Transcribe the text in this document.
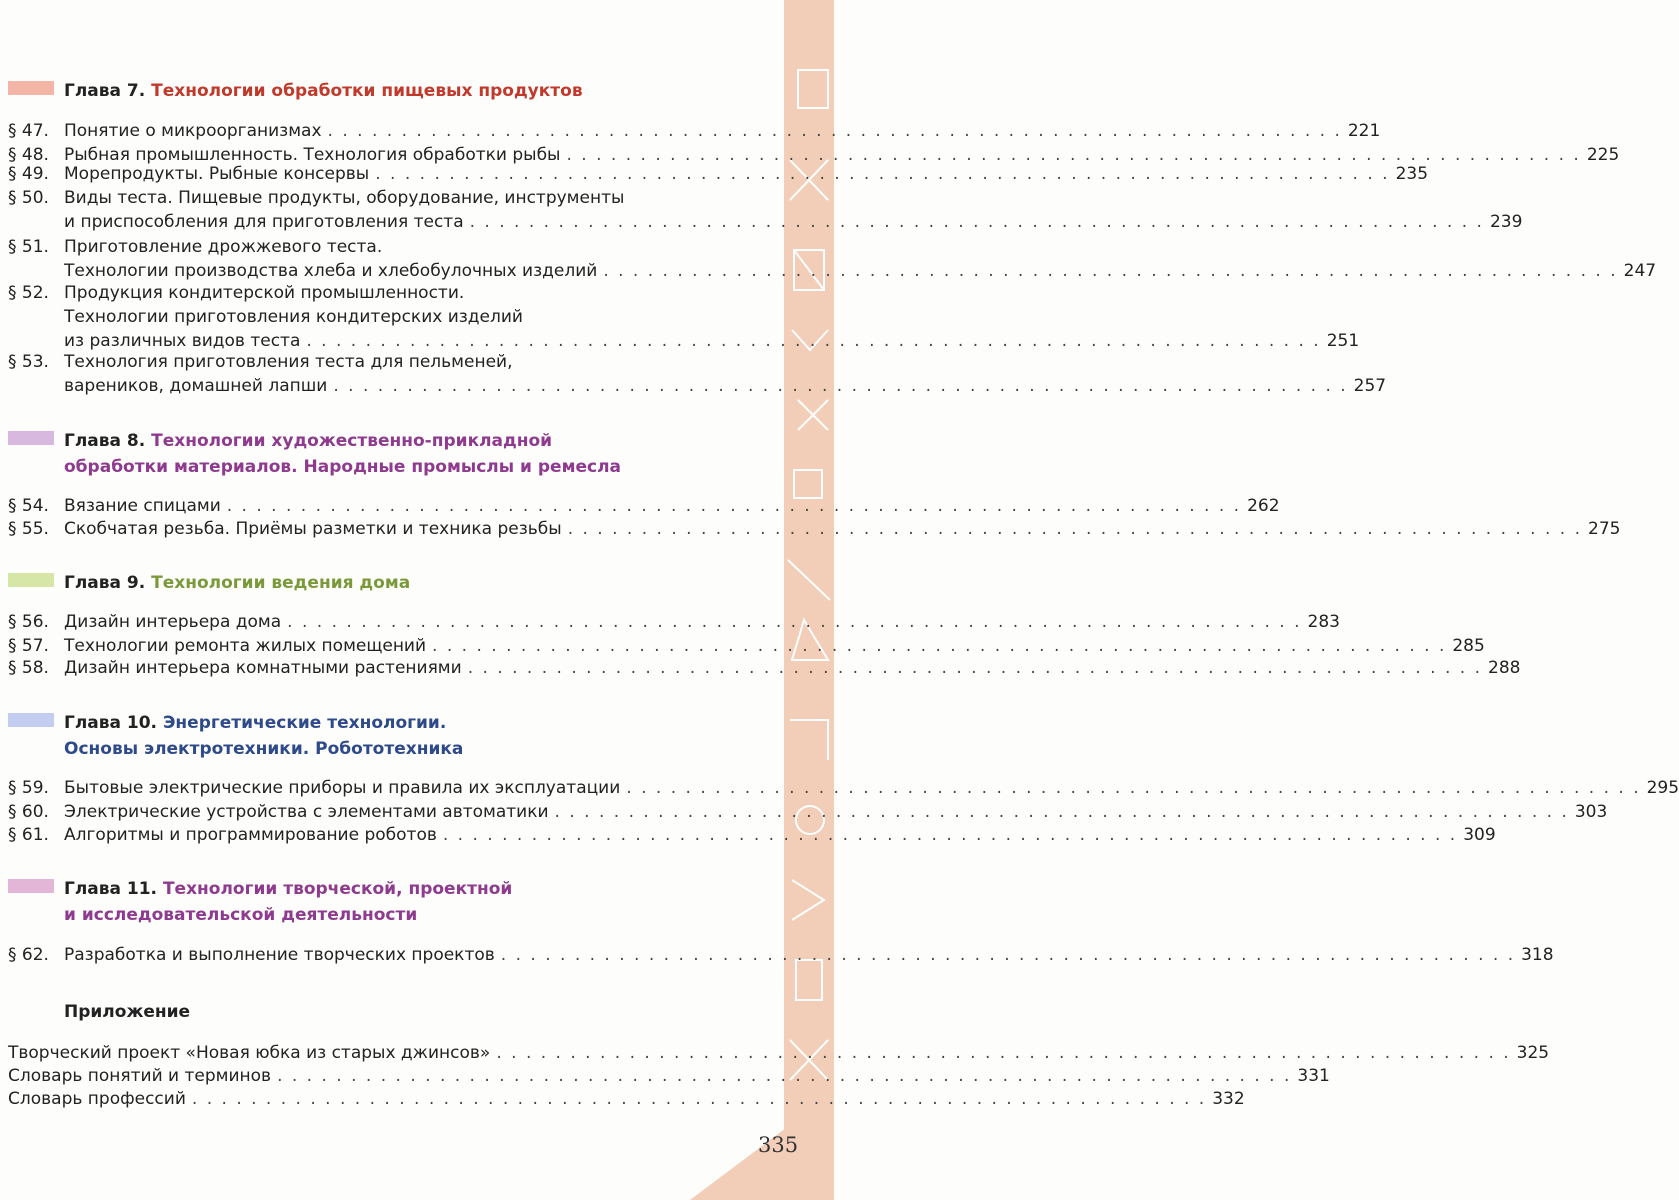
Глава 7. Технологии обработки пищевых продуктов
§ 47. Понятие о микроорганизмах . . . . . . . . . . . . . . . . . . . . . . . . . . . . . . . . . . . . . . . . . . . . . . . . . . . . . . . . . . . . . . . . . . . . . 221
§ 48. Рыбная промышленность. Технология обработки рыбы . . . . . . . . . . . . . . . . . . . . . . . . . . . . . . . . . . . . . . . . . . . . . . . . . . . . . . . . . . . . . . . . . . . . . 225
§ 49. Морепродукты. Рыбные консервы . . . . . . . . . . . . . . . . . . . . . . . . . . . . . . . . . . . . . . . . . . . . . . . . . . . . . . . . . . . . . . . . . . . . . 235
§ 50. Виды теста. Пищевые продукты, оборудование, инструменты
и приспособления для приготовления теста . . . . . . . . . . . . . . . . . . . . . . . . . . . . . . . . . . . . . . . . . . . . . . . . . . . . . . . . . . . . . . . . . . . . . 239
§ 51. Приготовление дрожжевого теста.
Технологии производства хлеба и хлебобулочных изделий . . . . . . . . . . . . . . . . . . . . . . . . . . . . . . . . . . . . . . . . . . . . . . . . . . . . . . . . . . . . . . . . . . . . . 247
§ 52. Продукция кондитерской промышленности.
Технологии приготовления кондитерских изделий
из различных видов теста . . . . . . . . . . . . . . . . . . . . . . . . . . . . . . . . . . . . . . . . . . . . . . . . . . . . . . . . . . . . . . . . . . . . . 251
§ 53. Технология приготовления теста для пельменей,
вареников, домашней лапши . . . . . . . . . . . . . . . . . . . . . . . . . . . . . . . . . . . . . . . . . . . . . . . . . . . . . . . . . . . . . . . . . . . . . 257
Глава 8. Технологии художественно-прикладной
обработки материалов. Народные промыслы и ремесла
§ 54. Вязание спицами . . . . . . . . . . . . . . . . . . . . . . . . . . . . . . . . . . . . . . . . . . . . . . . . . . . . . . . . . . . . . . . . . . . . . 262
§ 55. Скобчатая резьба. Приёмы разметки и техника резьбы . . . . . . . . . . . . . . . . . . . . . . . . . . . . . . . . . . . . . . . . . . . . . . . . . . . . . . . . . . . . . . . . . . . . . 275
Глава 9. Технологии ведения дома
§ 56. Дизайн интерьера дома . . . . . . . . . . . . . . . . . . . . . . . . . . . . . . . . . . . . . . . . . . . . . . . . . . . . . . . . . . . . . . . . . . . . . 283
§ 57. Технологии ремонта жилых помещений . . . . . . . . . . . . . . . . . . . . . . . . . . . . . . . . . . . . . . . . . . . . . . . . . . . . . . . . . . . . . . . . . . . . . 285
§ 58. Дизайн интерьера комнатными растениями . . . . . . . . . . . . . . . . . . . . . . . . . . . . . . . . . . . . . . . . . . . . . . . . . . . . . . . . . . . . . . . . . . . . . 288
Глава 10. Энергетические технологии.
Основы электротехники. Робототехника
§ 59. Бытовые электрические приборы и правила их эксплуатации . . . . . . . . . . . . . . . . . . . . . . . . . . . . . . . . . . . . . . . . . . . . . . . . . . . . . . . . . . . . . . . . . . . . . 295
§ 60. Электрические устройства с элементами автоматики . . . . . . . . . . . . . . . . . . . . . . . . . . . . . . . . . . . . . . . . . . . . . . . . . . . . . . . . . . . . . . . . . . . . . 303
§ 61. Алгоритмы и программирование роботов . . . . . . . . . . . . . . . . . . . . . . . . . . . . . . . . . . . . . . . . . . . . . . . . . . . . . . . . . . . . . . . . . . . . . 309
Глава 11. Технологии творческой, проектной
и исследовательской деятельности
§ 62. Разработка и выполнение творческих проектов . . . . . . . . . . . . . . . . . . . . . . . . . . . . . . . . . . . . . . . . . . . . . . . . . . . . . . . . . . . . . . . . . . . . . 318
Приложение
Творческий проект «Новая юбка из старых джинсов» . . . . . . . . . . . . . . . . . . . . . . . . . . . . . . . . . . . . . . . . . . . . . . . . . . . . . . . . . . . . . . . . . . . . . 325
Словарь понятий и терминов . . . . . . . . . . . . . . . . . . . . . . . . . . . . . . . . . . . . . . . . . . . . . . . . . . . . . . . . . . . . . . . . . . . . . 331
Словарь профессий . . . . . . . . . . . . . . . . . . . . . . . . . . . . . . . . . . . . . . . . . . . . . . . . . . . . . . . . . . . . . . . . . . . . . 332
335
